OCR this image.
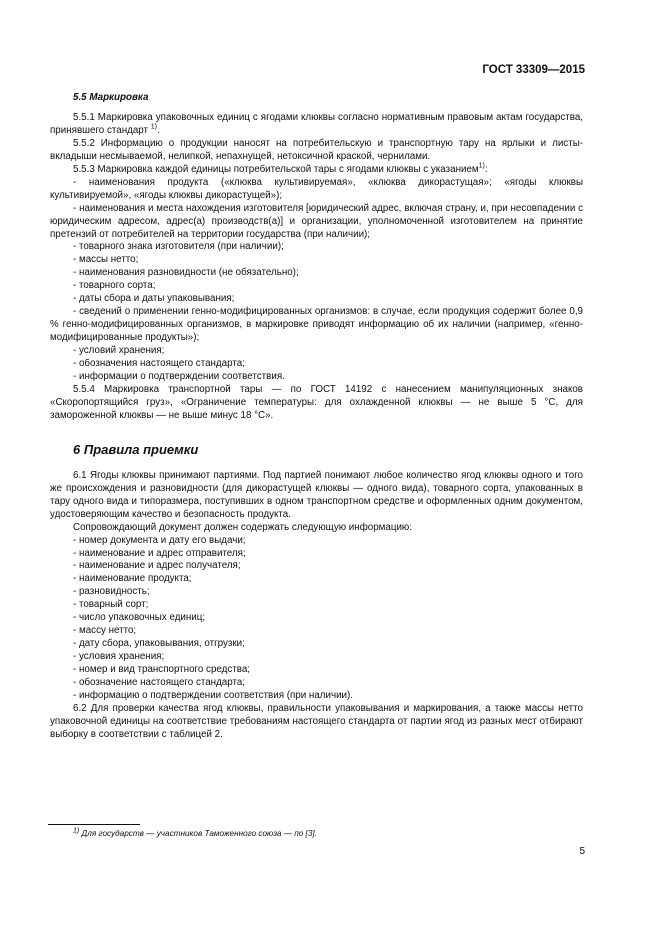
ГОСТ 33309—2015
5.5 Маркировка

5.5.1 Маркировка упаковочных единиц с ягодами клюквы согласно нормативным правовым актам государства, принявшего стандарт $^{1)}$.

5.5.2 Информацию о продукции наносят на потребительскую и транспортную тару на ярлыки и листы-вкладыши несмываемой, нелипкой, непахнущей, нетоксичной краской, чернилами.

5.5.3 Маркировка каждой единицы потребительской тары с ягодами клюквы с указанием$^{1)}$:

- наименования продукта («клюква культивируемая», «клюква дикорастущая»; «ягоды клюквы культивируемой», «ягоды клюквы дикорастущей»);

- наименования и места нахождения изготовителя [юридический адрес, включая страну, и, при несовпадении с юридическим адресом, адрес(а) производств(а)] и организации, уполномоченной изготовителем на принятие претензий от потребителей на территории государства (при наличии);

- товарного знака изготовителя (при наличии);

- массы нетто;

- наименования разновидности (не обязательно);

- товарного сорта;

- даты сбора и даты упаковывания;

- сведений о применении генно-модифицированных организмов: в случае, если продукция содержит более 0,9 % генно-модифицированных организмов, в маркировке приводят информацию об их наличии (например, «генно-модифицированные продукты»);

- условий хранения;

- обозначения настоящего стандарта;

- информации о подтверждении соответствия.

5.5.4 Маркировка транспортной тары — по ГОСТ 14192 с нанесением манипуляционных знаков «Скоропортящийся груз», «Ограничение температуры: для охлажденной клюквы — не выше 5 °С, для замороженной клюквы — не выше минус 18 °С».

6 Правила приемки

6.1 Ягоды клюквы принимают партиями. Под партией понимают любое количество ягод клюквы одного и того же происхождения и разновидности (для дикорастущей клюквы — одного вида), товарного сорта, упакованных в тару одного вида и типоразмера, поступивших в одном транспортном средстве и оформленных одним документом, удостоверяющим качество и безопасность продукта.

Сопровождающий документ должен содержать следующую информацию:

- номер документа и дату его выдачи;

- наименование и адрес отправителя;

- наименование и адрес получателя;

- наименование продукта;

- разновидность;

- товарный сорт;

- число упаковочных единиц;

- массу нетто;

- дату сбора, упаковывания, отгрузки;

- условия хранения;

- номер и вид транспортного средства;

- обозначение настоящего стандарта;

- информацию о подтверждении соответствия (при наличии).

6.2 Для проверки качества ягод клюквы, правильности упаковывания и маркирования, а также массы нетто упаковочной единицы на соответствие требованиям настоящего стандарта от партии ягод из разных мест отбирают выборку в соответствии с таблицей 2.

$^{1)}$ Для государств — участников Таможенного союза — по [3].
5
